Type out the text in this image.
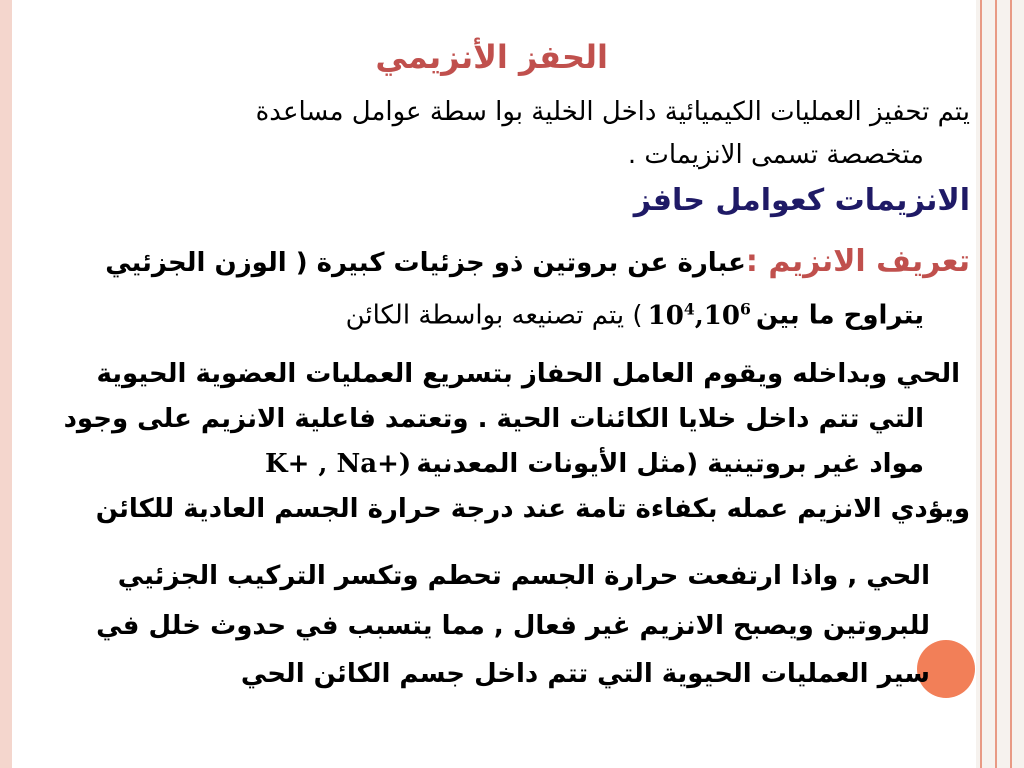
الحفز الأنزيمي
يتم تحفيز العمليات الكيميائية داخل الخلية بوا سطة عوامل مساعدة
متخصصة تسمى الانزيمات .
الانزيمات كعوامل حافز
تعريف الانزيم :عبارة عن بروتين ذو جزئيات كبيرة ( الوزن الجزئيي
يتراوح ما بين $10^4,10^6$ ) يتم تصنيعه بواسطة الكائن
الحي وبداخله ويقوم العامل الحفاز بتسريع العمليات العضوية الحيوية
التي تتم داخل خلايا الكائنات الحية . وتعتمد فاعلية الانزيم على وجود
مواد غير بروتينية (مثل الأيونات المعدنية K+ , Na+)
ويؤدي الانزيم عمله بكفاءة تامة عند درجة حرارة الجسم العادية للكائن
الحي , واذا ارتفعت حرارة الجسم تحطم وتكسر التركيب الجزئيي
للبروتين ويصبح الانزيم غير فعال , مما يتسبب في حدوث خلل في
سير العمليات الحيوية التي تتم داخل جسم الكائن الحي
